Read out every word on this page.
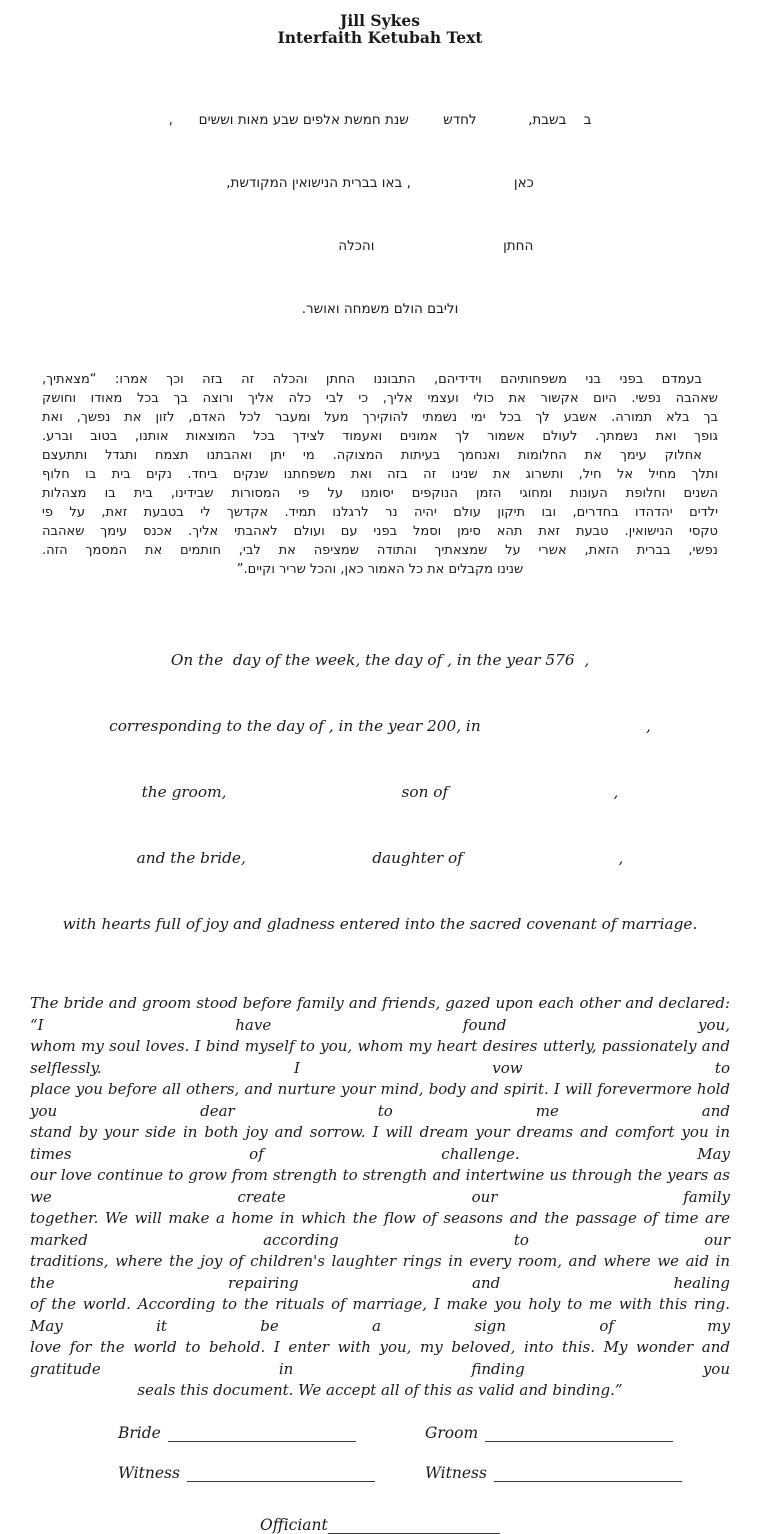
Jill Sykes
Interfaith Ketubah Text

ב    בשבת,            לחדש        שנת חמשת אלפים שבע מאות וששים      ,

כאן                        , באו בברית הנישואין המקודשת,

החתן                              והכלה

וליבם הולם משמחה ואושר.

בעמדם בפני בני משפחותיהם וידידיהם, התבוננו החתן והכלה זה בזה וכך אמרו: “מצאתיך,
שאהבה נפשי. היום אקשור את כולי ועצמי אליך, כי לבי כלה אליך ורוצה בך בכל מאודו וחושק
בך בלא תמורה. אשבע לך בכל ימי נשמתי להוקירך מעל ומעבר לכל האדם, לזון את נפשך, ואת
גופך ואת נשמתך. לעולם אשמור לך אמונים ואעמוד לצידך בכל המוצאות אותנו, בטוב וברע.
אחלוק עימך את החלומות ואנחמך בעיתות המצוקה. מי יתן ואהבתנו תצמח ותגדל ותתעצם
ותלך מחיל אל חיל, ותשרוג את שנינו זה בזה ואת משפחתנו שנקים ביחד. נקים בית בו חלוף
השנים וחלופת העונות ומחוגי הזמן הנוקפים יסומנו על פי המסורות שבידינו, בית בו מצהלות
ילדים יהדהדו בחדרים, ובו תיקון עולם יהיה נר לרגלנו תמיד. אקדשך לי בטבעת זאת, על פי
טקסי הנישואין. טבעת זאת תהא סימן וסמל בפני עם ועולם לאהבתי אליך. אכנס עימך שאהבה
נפשי, בברית הזאת, אשרי על שמצאתיך והתודה שמציפה את לבי, חותמים את המסמך הזה.
שנינו מקבלים את כל האמור כאן, והכל שריר וקיים.”

On the  day of the week, the day of , in the year 576  ,

corresponding to the day of , in the year 200, in                                  ,

the groom,                                    son of                                  ,

and the bride,                          daughter of                                ,

with hearts full of joy and gladness entered into the sacred covenant of marriage.

The bride and groom stood before family and friends, gazed upon each other and declared: “I have found you,
whom my soul loves. I bind myself to you, whom my heart desires utterly, passionately and selflessly. I vow to
place you before all others, and nurture your mind, body and spirit. I will forevermore hold you dear to me and
stand by your side in both joy and sorrow. I will dream your dreams and comfort you in times of challenge. May
our love continue to grow from strength to strength and intertwine us through the years as we create our family
together. We will make a home in which the flow of seasons and the passage of time are marked according to our
traditions, where the joy of children's laughter rings in every room, and where we aid in the repairing and healing
of the world. According to the rituals of marriage, I make you holy to me with this ring. May it be a sign of my
love for the world to behold. I enter with you, my beloved, into this. My wonder and gratitude in finding you
seals this document. We accept all of this as valid and binding.”
Bride	Groom
Witness	Witness
Officiant
